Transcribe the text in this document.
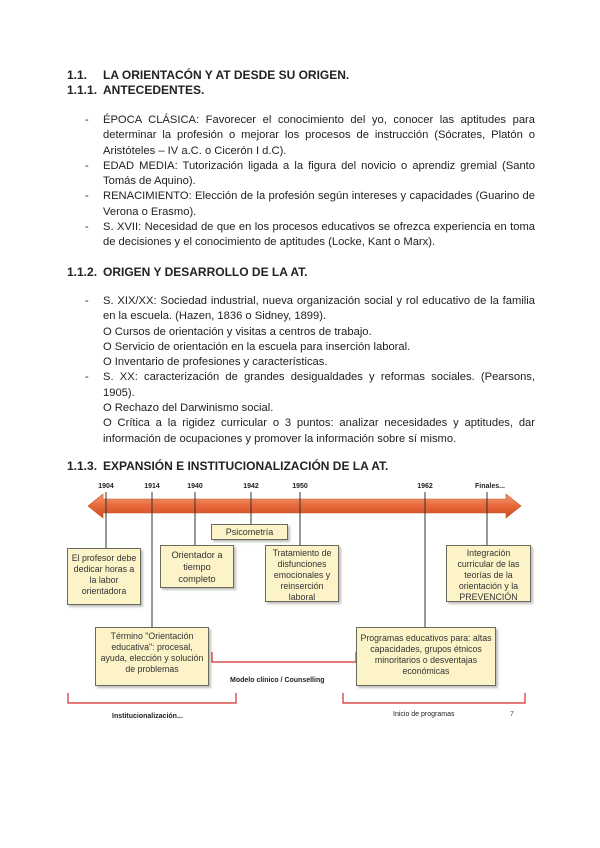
1.1. LA ORIENTACÓN Y AT DESDE SU ORIGEN.
1.1.1. ANTECEDENTES.
- ÉPOCA CLÁSICA: Favorecer el conocimiento del yo, conocer las aptitudes para determinar la profesión o mejorar los procesos de instrucción (Sócrates, Platón o Aristóteles – IV a.C. o Cicerón I d.C).
- EDAD MEDIA: Tutorización ligada a la figura del novicio o aprendiz gremial (Santo Tomás de Aquino).
- RENACIMIENTO: Elección de la profesión según intereses y capacidades (Guarino de Verona o Erasmo).
- S. XVII: Necesidad de que en los procesos educativos se ofrezca experiencia en toma de decisiones y el conocimiento de aptitudes (Locke, Kant o Marx).
1.1.2. ORIGEN Y DESARROLLO DE LA AT.
- S. XIX/XX: Sociedad industrial, nueva organización social y rol educativo de la familia en la escuela. (Hazen, 1836 o Sidney, 1899).
O Cursos de orientación y visitas a centros de trabajo.
O Servicio de orientación en la escuela para inserción laboral.
O Inventario de profesiones y características.
- S. XX: caracterización de grandes desigualdades y reformas sociales. (Pearsons, 1905).
O Rechazo del Darwinismo social.
O Crítica a la rigidez curricular o 3 puntos: analizar necesidades y aptitudes, dar información de ocupaciones y promover la información sobre sí mismo.
1.1.3. EXPANSIÓN E INSTITUCIONALIZACIÓN DE LA AT.
1904	1914	1940	1942	1950	1962	Finales...
El profesor debe dedicar horas a la labor orientadora
Orientador a tiempo completo
Psicometría
Tratamiento de disfunciones emocionales y reinserción laboral
Integración curricular de las teorías de la orientación y la PREVENCIÓN
Término "Orientación educativa": procesal, ayuda, elección y solución de problemas
Programas educativos para: altas capacidades, grupos étnicos minoritarios o desventajas económicas
Modelo clínico / Counselling
Institucionalización...	Inicio de programas	7
